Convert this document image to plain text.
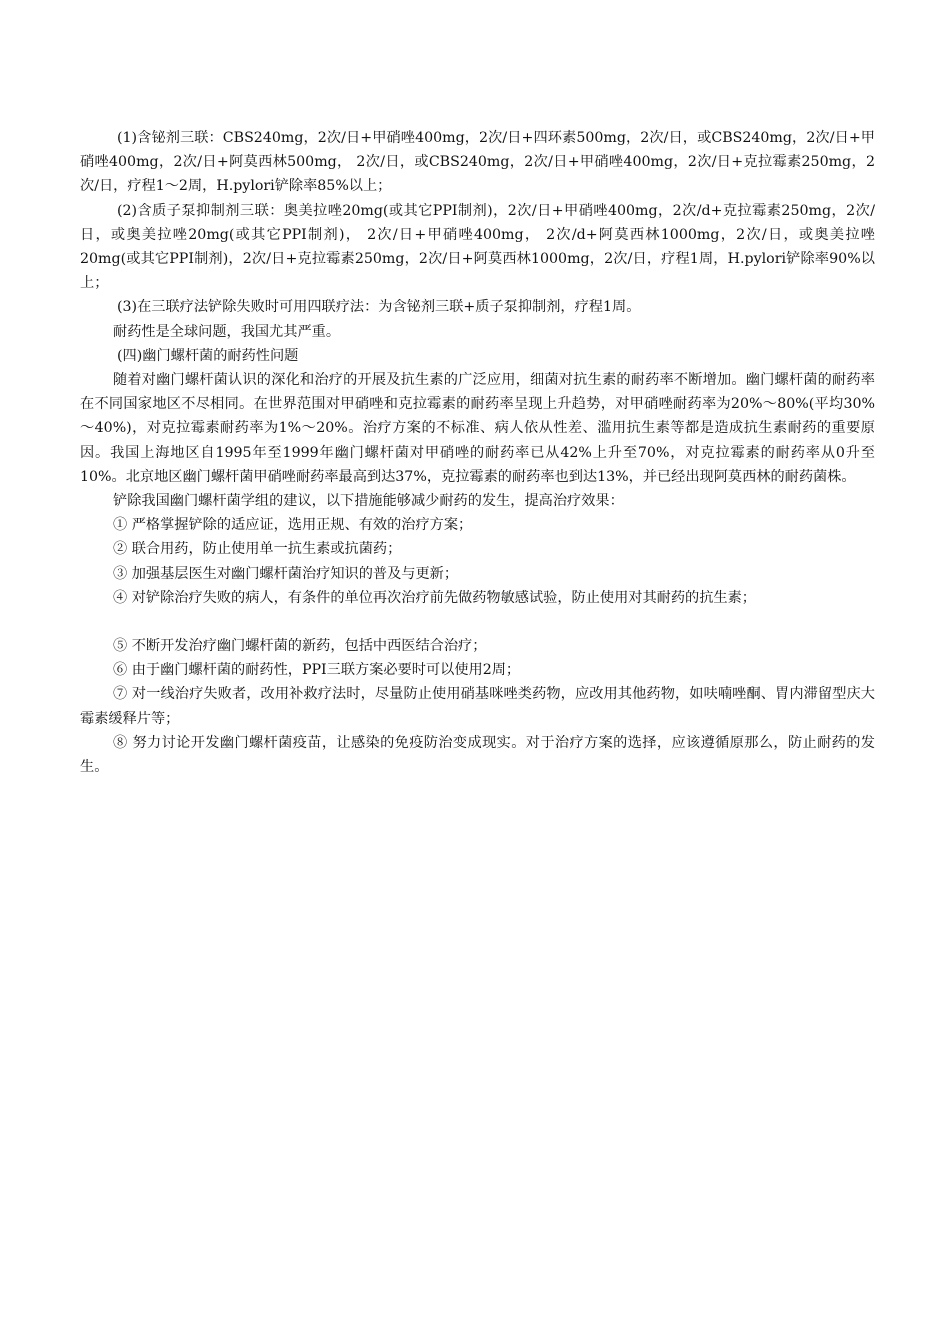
(1)含铋剂三联：CBS240mg，2次/日+甲硝唑400mg，2次/日+四环素500mg，2次/日，或CBS240mg，2次/日+甲硝唑400mg，2次/日+阿莫西林500mg， 2次/日，或CBS240mg，2次/日+甲硝唑400mg，2次/日+克拉霉素250mg，2次/日，疗程1～2周，H.pylori铲除率85%以上；

(2)含质子泵抑制剂三联：奥美拉唑20mg(或其它PPI制剂)，2次/日+甲硝唑400mg，2次/d+克拉霉素250mg，2次/日，或奥美拉唑20mg(或其它PPI制剂)， 2次/日+甲硝唑400mg， 2次/d+阿莫西林1000mg，2次/日，或奥美拉唑20mg(或其它PPI制剂)，2次/日+克拉霉素250mg，2次/日+阿莫西林1000mg，2次/日，疗程1周，H.pylori铲除率90%以上；

(3)在三联疗法铲除失败时可用四联疗法：为含铋剂三联+质子泵抑制剂，疗程1周。

耐药性是全球问题，我国尤其严重。

(四)幽门螺杆菌的耐药性问题

随着对幽门螺杆菌认识的深化和治疗的开展及抗生素的广泛应用，细菌对抗生素的耐药率不断增加。幽门螺杆菌的耐药率在不同国家地区不尽相同。在世界范围对甲硝唑和克拉霉素的耐药率呈现上升趋势，对甲硝唑耐药率为20%～80%(平均30%～40%)，对克拉霉素耐药率为1%～20%。治疗方案的不标准、病人依从性差、滥用抗生素等都是造成抗生素耐药的重要原因。我国上海地区自1995年至1999年幽门螺杆菌对甲硝唑的耐药率已从42%上升至70%，对克拉霉素的耐药率从0升至10%。北京地区幽门螺杆菌甲硝唑耐药率最高到达37%，克拉霉素的耐药率也到达13%，并已经出现阿莫西林的耐药菌株。

铲除我国幽门螺杆菌学组的建议，以下措施能够减少耐药的发生，提高治疗效果：

① 严格掌握铲除的适应证，选用正规、有效的治疗方案；

② 联合用药，防止使用单一抗生素或抗菌药；

③ 加强基层医生对幽门螺杆菌治疗知识的普及与更新；

④ 对铲除治疗失败的病人，有条件的单位再次治疗前先做药物敏感试验，防止使用对其耐药的抗生素；

⑤ 不断开发治疗幽门螺杆菌的新药，包括中西医结合治疗；

⑥ 由于幽门螺杆菌的耐药性，PPI三联方案必要时可以使用2周；

⑦ 对一线治疗失败者，改用补救疗法时，尽量防止使用硝基咪唑类药物，应改用其他药物，如呋喃唑酮、胃内滞留型庆大霉素缓释片等；

⑧ 努力讨论开发幽门螺杆菌疫苗，让感染的免疫防治变成现实。对于治疗方案的选择，应该遵循原那么，防止耐药的发生。
